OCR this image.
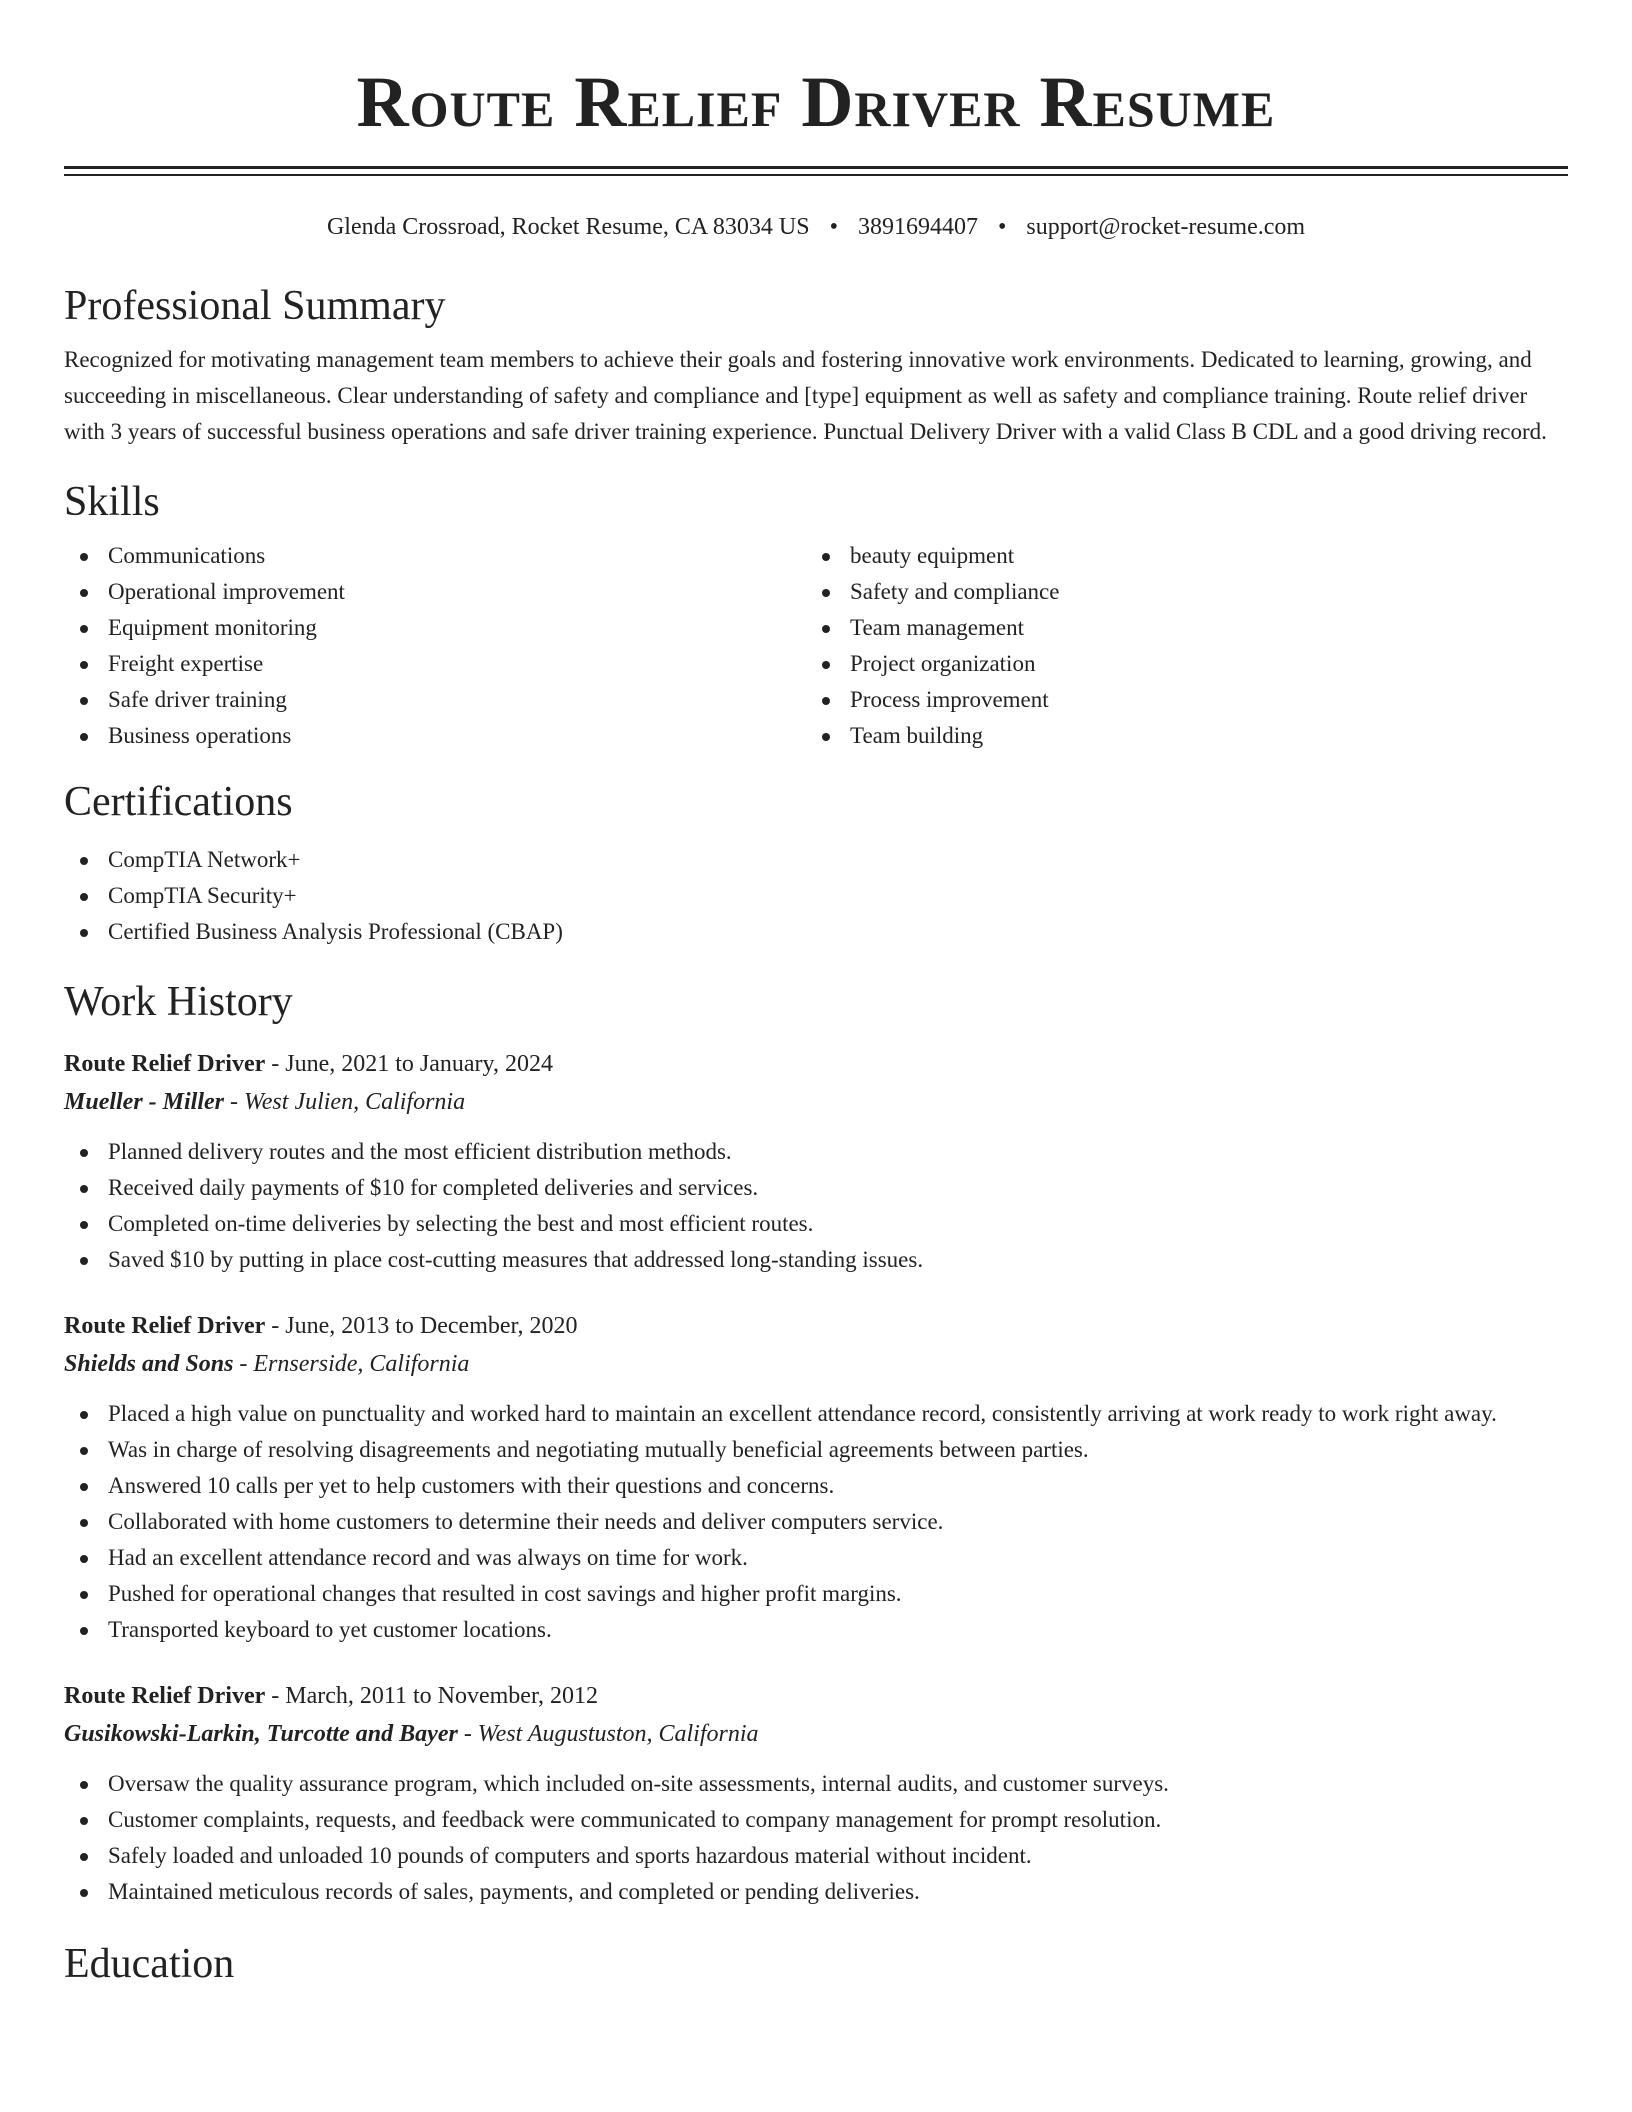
Route Relief Driver Resume
Glenda Crossroad, Rocket Resume, CA 83034 US • 3891694407 • support@rocket-resume.com
Professional Summary
Recognized for motivating management team members to achieve their goals and fostering innovative work environments. Dedicated to learning, growing, and succeeding in miscellaneous. Clear understanding of safety and compliance and [type] equipment as well as safety and compliance training. Route relief driver with 3 years of successful business operations and safe driver training experience. Punctual Delivery Driver with a valid Class B CDL and a good driving record.
Skills
Communications
Operational improvement
Equipment monitoring
Freight expertise
Safe driver training
Business operations
beauty equipment
Safety and compliance
Team management
Project organization
Process improvement
Team building
Certifications
CompTIA Network+
CompTIA Security+
Certified Business Analysis Professional (CBAP)
Work History
Route Relief Driver - June, 2021 to January, 2024
Mueller - Miller - West Julien, California
Planned delivery routes and the most efficient distribution methods.
Received daily payments of $10 for completed deliveries and services.
Completed on-time deliveries by selecting the best and most efficient routes.
Saved $10 by putting in place cost-cutting measures that addressed long-standing issues.
Route Relief Driver - June, 2013 to December, 2020
Shields and Sons - Ernserside, California
Placed a high value on punctuality and worked hard to maintain an excellent attendance record, consistently arriving at work ready to work right away.
Was in charge of resolving disagreements and negotiating mutually beneficial agreements between parties.
Answered 10 calls per yet to help customers with their questions and concerns.
Collaborated with home customers to determine their needs and deliver computers service.
Had an excellent attendance record and was always on time for work.
Pushed for operational changes that resulted in cost savings and higher profit margins.
Transported keyboard to yet customer locations.
Route Relief Driver - March, 2011 to November, 2012
Gusikowski-Larkin, Turcotte and Bayer - West Augustuston, California
Oversaw the quality assurance program, which included on-site assessments, internal audits, and customer surveys.
Customer complaints, requests, and feedback were communicated to company management for prompt resolution.
Safely loaded and unloaded 10 pounds of computers and sports hazardous material without incident.
Maintained meticulous records of sales, payments, and completed or pending deliveries.
Education
